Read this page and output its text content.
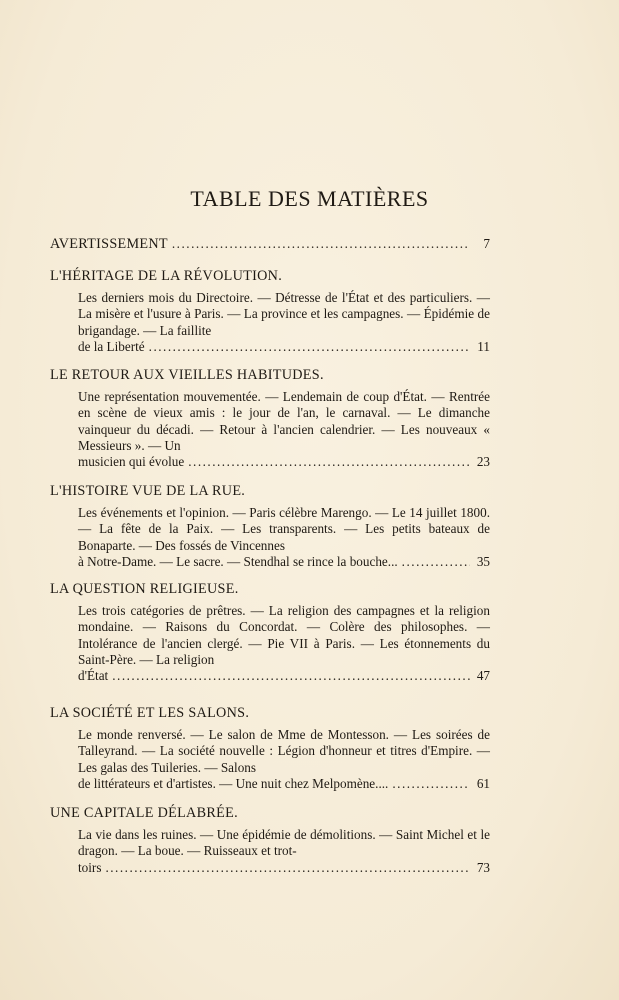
TABLE DES MATIÈRES
AVERTISSEMENT .....	7
L'HÉRITAGE DE LA RÉVOLUTION.
Les derniers mois du Directoire. — Détresse de l'État et des particuliers. — La misère et l'usure à Paris. — La province et les campagnes. — Épidémie de brigandage. — La faillite
de la Liberté .....	11
LE RETOUR AUX VIEILLES HABITUDES.
Une représentation mouvementée. — Lendemain de coup d'État. — Rentrée en scène de vieux amis : le jour de l'an, le carnaval. — Le dimanche vainqueur du décadi. — Retour à l'ancien calendrier. — Les nouveaux « Messieurs ». — Un
musicien qui évolue .....	23
L'HISTOIRE VUE DE LA RUE.
Les événements et l'opinion. — Paris célèbre Marengo. — Le 14 juillet 1800. — La fête de la Paix. — Les transparents. — Les petits bateaux de Bonaparte. — Des fossés de Vincennes
à Notre-Dame. — Le sacre. — Stendhal se rince la bouche... .....	35
LA QUESTION RELIGIEUSE.
Les trois catégories de prêtres. — La religion des campagnes et la religion mondaine. — Raisons du Concordat. — Colère des philosophes. — Intolérance de l'ancien clergé. — Pie VII à Paris. — Les étonnements du Saint-Père. — La religion
d'État .....	47
LA SOCIÉTÉ ET LES SALONS.
Le monde renversé. — Le salon de Mme de Montesson. — Les soirées de Talleyrand. — La société nouvelle : Légion d'honneur et titres d'Empire. — Les galas des Tuileries. — Salons
de littérateurs et d'artistes. — Une nuit chez Melpomène.... .....	61
UNE CAPITALE DÉLABRÉE.
La vie dans les ruines. — Une épidémie de démolitions. — Saint Michel et le dragon. — La boue. — Ruisseaux et trot-
toirs .....	73
